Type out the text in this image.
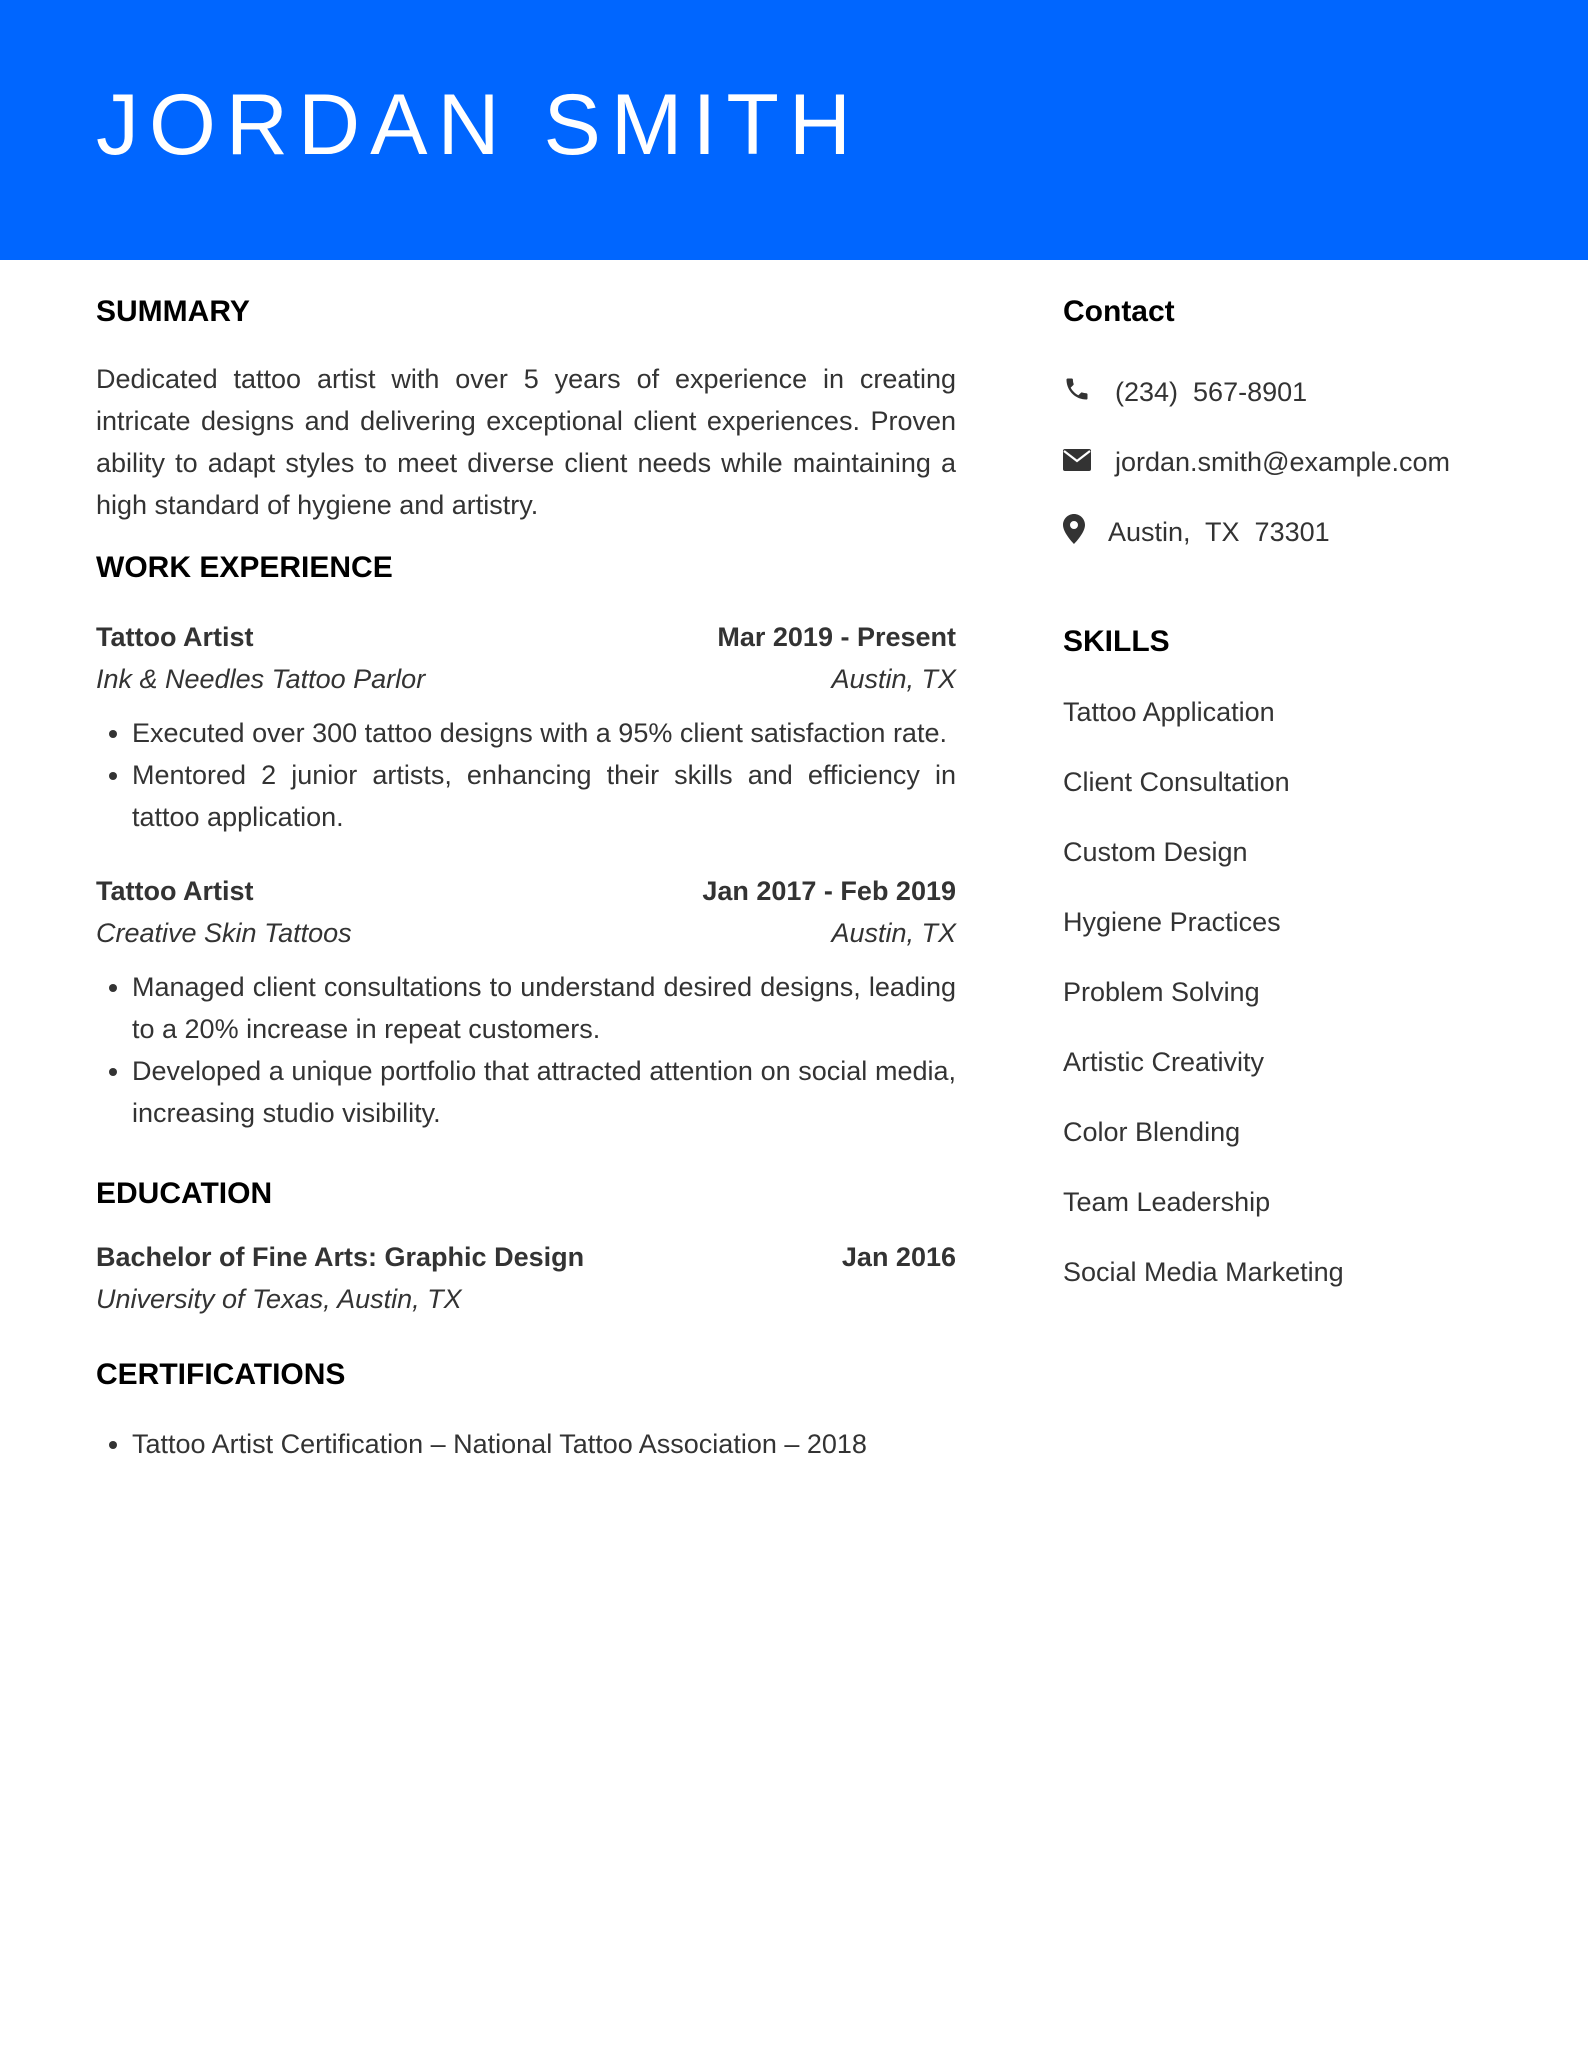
JORDAN SMITH
SUMMARY

Dedicated tattoo artist with over 5 years of experience in creating intricate designs and delivering exceptional client experiences. Proven ability to adapt styles to meet diverse client needs while maintaining a high standard of hygiene and artistry.

WORK EXPERIENCE
Tattoo Artist	Mar 2019 - Present
Ink & Needles Tattoo Parlor	Austin, TX
• Executed over 300 tattoo designs with a 95% client satisfaction rate.
• Mentored 2 junior artists, enhancing their skills and efficiency in tattoo application.
Tattoo Artist	Jan 2017 - Feb 2019
Creative Skin Tattoos	Austin, TX
• Managed client consultations to understand desired designs, leading to a 20% increase in repeat customers.
• Developed a unique portfolio that attracted attention on social media, increasing studio visibility.
EDUCATION
Bachelor of Fine Arts: Graphic Design	Jan 2016
University of Texas, Austin, TX
CERTIFICATIONS
• Tattoo Artist Certification – National Tattoo Association – 2018
Contact
(234)  567-8901
jordan.smith@example.com
Austin,  TX  73301
SKILLS
Tattoo Application
Client Consultation
Custom Design
Hygiene Practices
Problem Solving
Artistic Creativity
Color Blending
Team Leadership
Social Media Marketing
